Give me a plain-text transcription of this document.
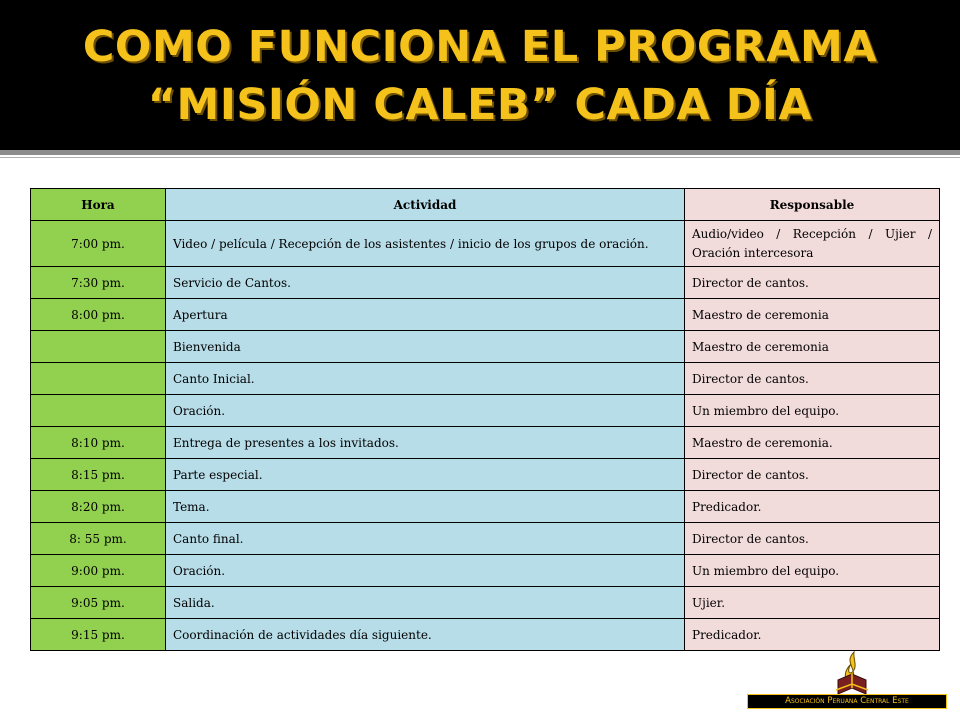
COMO FUNCIONA EL PROGRAMA
“MISIÓN CALEB” CADA DÍA
Hora	Actividad	Responsable
7:00 pm.	Video / película / Recepción de los asistentes / inicio de los grupos de oración.	Audio/video / Recepción / Ujier / Oración intercesora
7:30 pm.	Servicio de Cantos.	Director de cantos.
8:00 pm.	Apertura	Maestro de ceremonia
	Bienvenida	Maestro de ceremonia
	Canto Inicial.	Director de cantos.
	Oración.	Un miembro del equipo.
8:10 pm.	Entrega de presentes a los invitados.	Maestro de ceremonia.
8:15 pm.	Parte especial.	Director de cantos.
8:20 pm.	Tema.	Predicador.
8: 55 pm.	Canto final.	Director de cantos.
9:00 pm.	Oración.	Un miembro del equipo.
9:05 pm.	Salida.	Ujier.
9:15 pm.	Coordinación de actividades día siguiente.	Predicador.
Asociación Peruana Central Este
